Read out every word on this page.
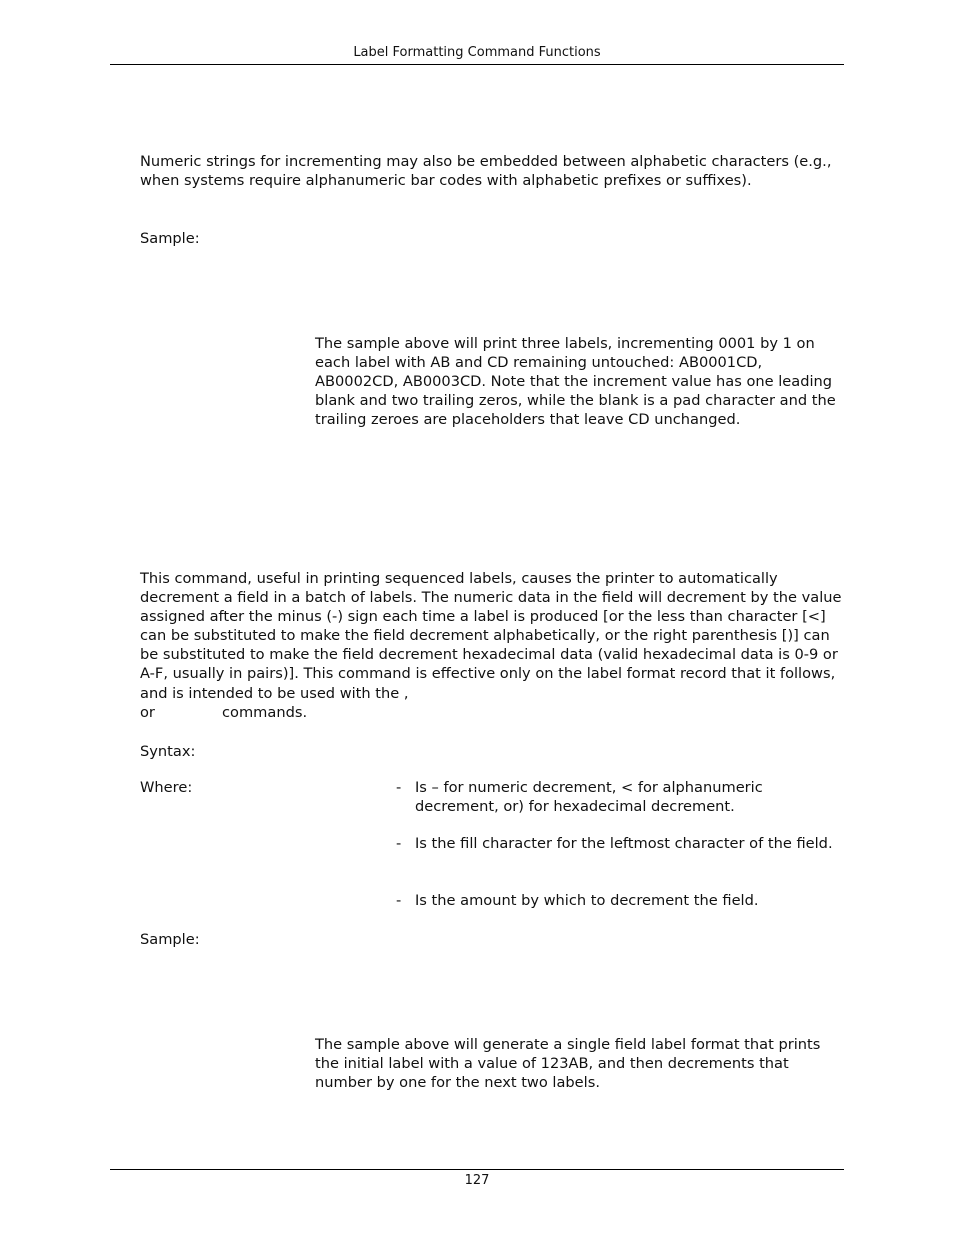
Label Formatting Command Functions

Numeric strings for incrementing may also be embedded between alphabetic characters (e.g., when systems require alphanumeric bar codes with alphabetic prefixes or suffixes).

Sample:

The sample above will print three labels, incrementing 0001 by 1 on each label with AB and CD remaining untouched: AB0001CD, AB0002CD, AB0003CD. Note that the increment value has one leading blank and two trailing zeros, while the blank is a pad character and the trailing zeroes are placeholders that leave CD unchanged.

This command, useful in printing sequenced labels, causes the printer to automatically decrement a field in a batch of labels. The numeric data in the field will decrement by the value assigned after the minus (-) sign each time a label is produced [or the less than character [<] can be substituted to make the field decrement alphabetically, or the right parenthesis [)] can be substituted to make the field decrement hexadecimal data (valid hexadecimal data is 0-9 or A-F, usually in pairs)]. This command is effective only on the label format record that it follows, and is intended to be used with the ,

or	commands.
Syntax:
Where:	- Is – for numeric decrement, < for alphanumeric decrement, or) for hexadecimal decrement.
- Is the fill character for the leftmost character of the field.
- Is the amount by which to decrement the field.
Sample:

The sample above will generate a single field label format that prints the initial label with a value of 123AB, and then decrements that number by one for the next two labels.

127
